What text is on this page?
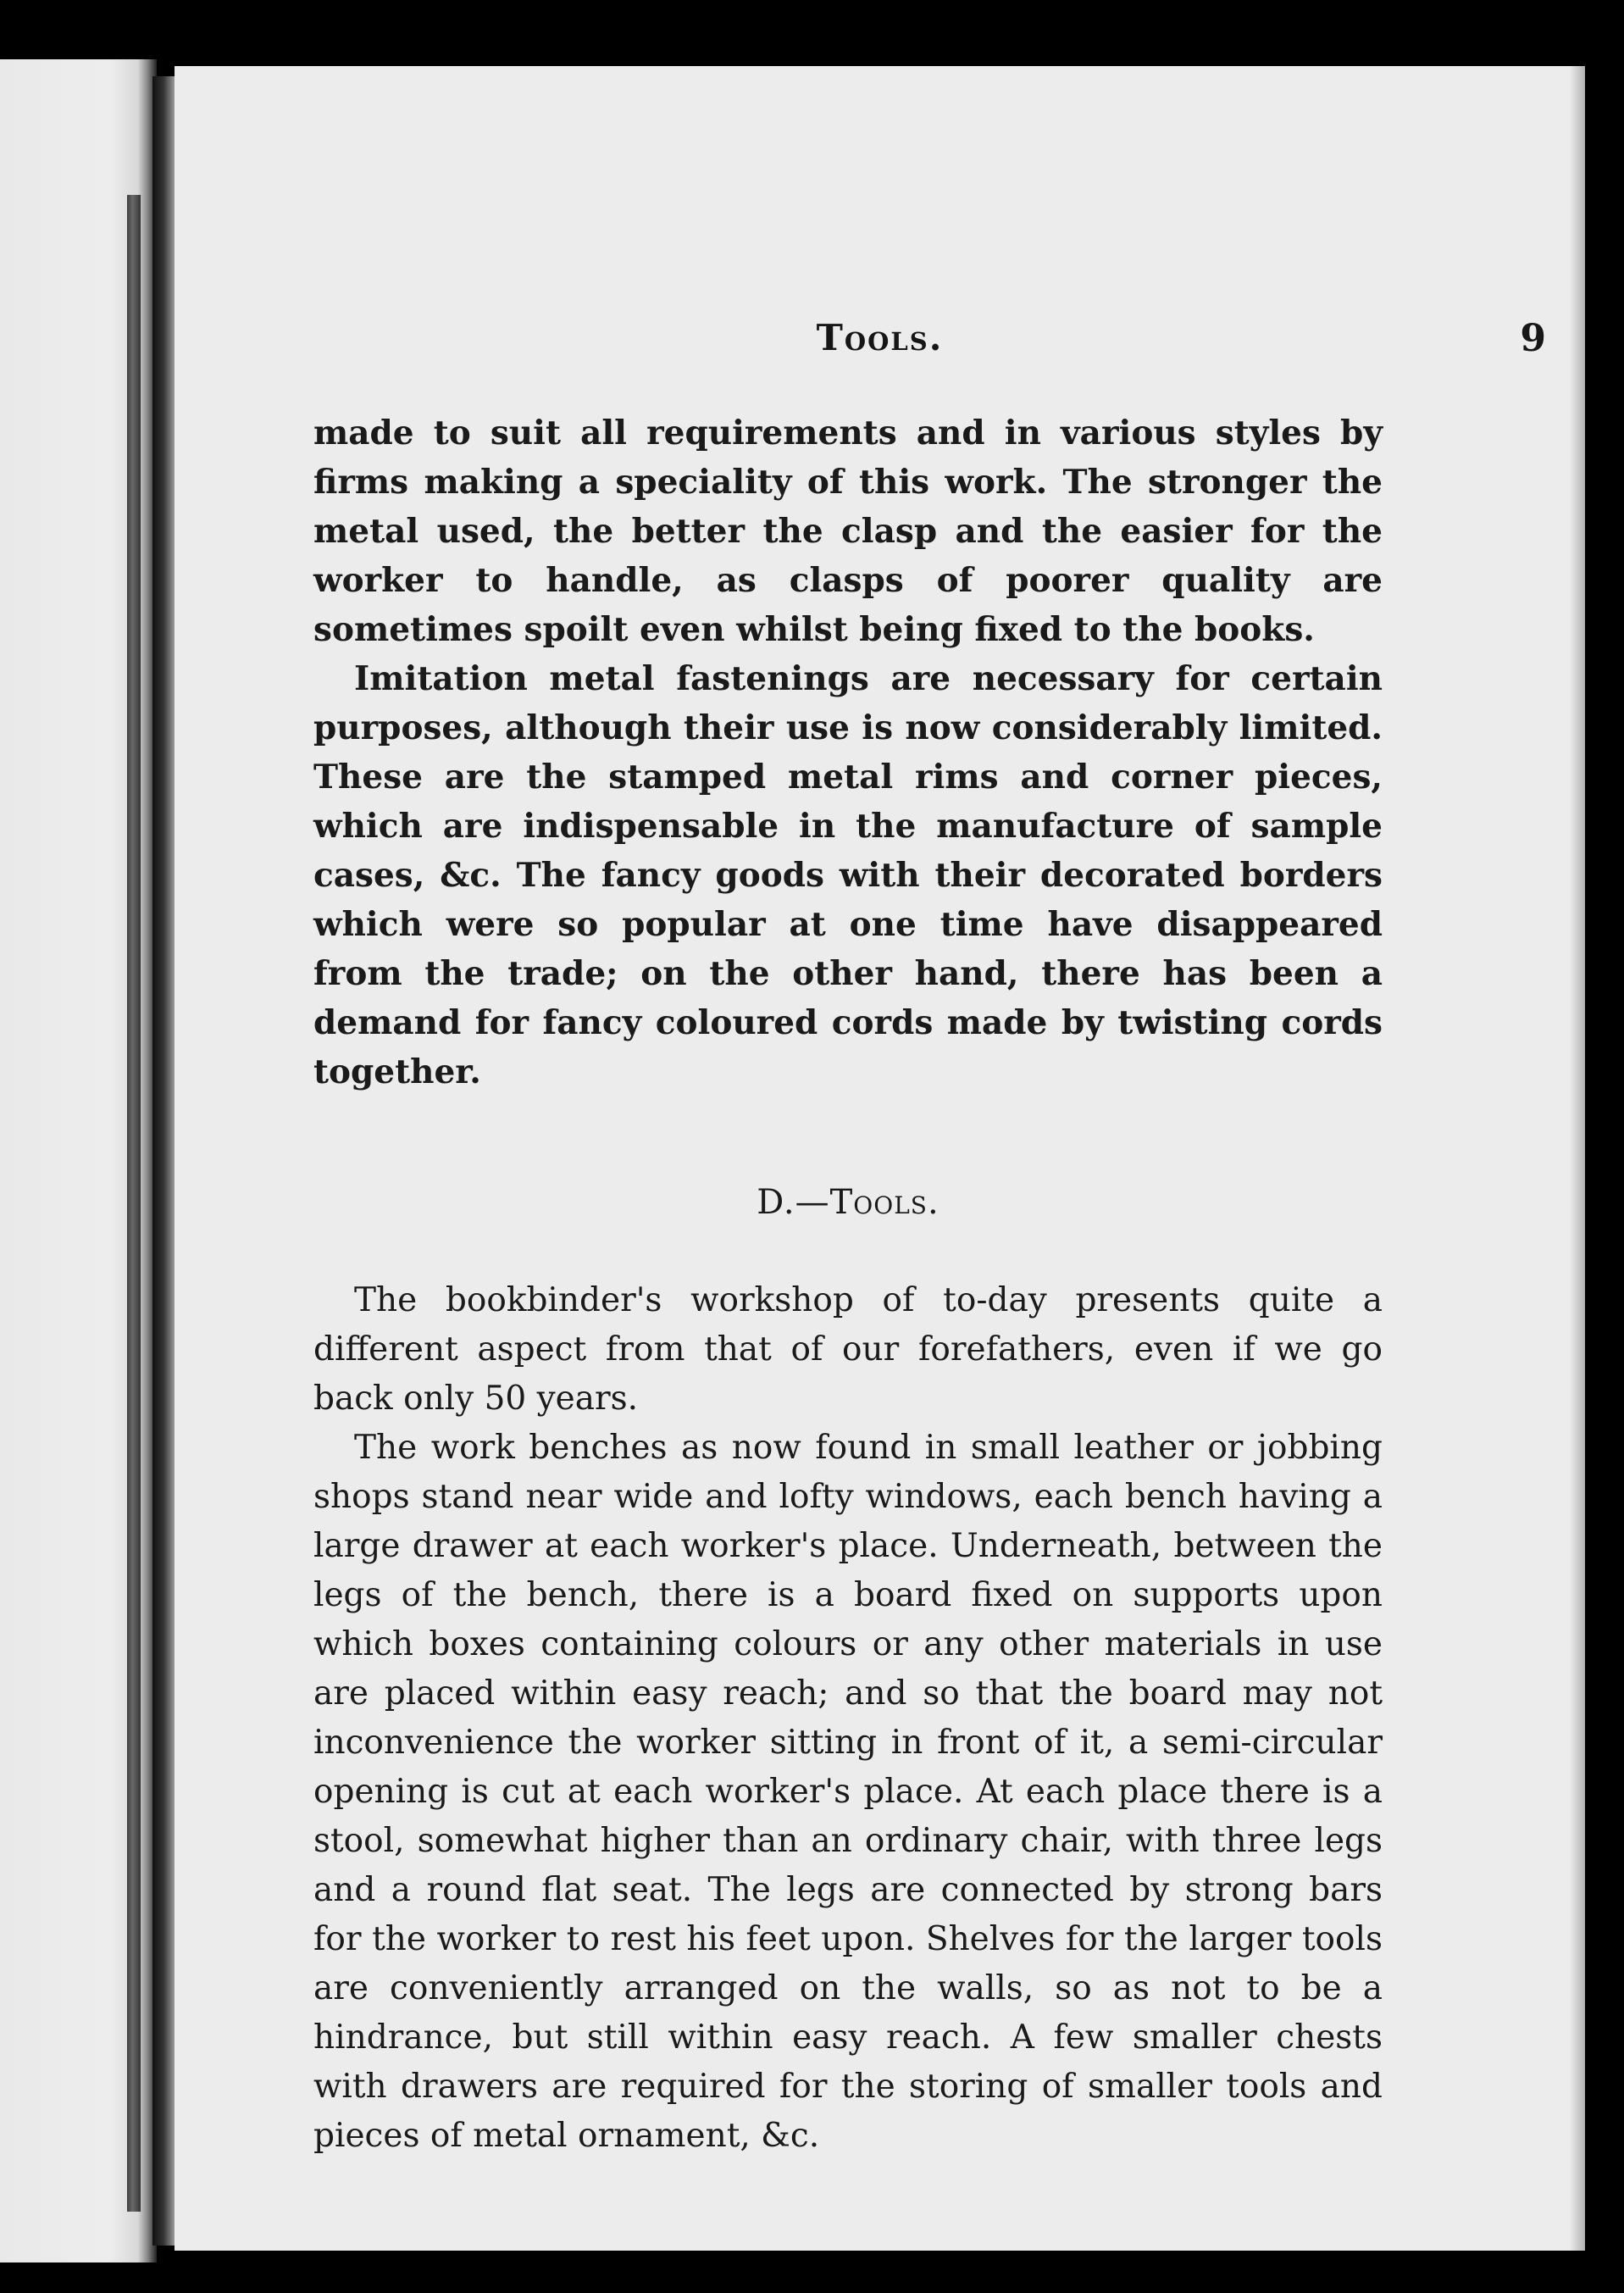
Tools.	9

made to suit all requirements and in various styles by firms making a speciality of this work. The stronger the metal used, the better the clasp and the easier for the worker to handle, as clasps of poorer quality are sometimes spoilt even whilst being fixed to the books.

Imitation metal fastenings are necessary for certain purposes, although their use is now considerably limited. These are the stamped metal rims and corner pieces, which are indispensable in the manufacture of sample cases, &c. The fancy goods with their decorated borders which were so popular at one time have disappeared from the trade; on the other hand, there has been a demand for fancy coloured cords made by twisting cords together.

D.—Tools.

The bookbinder's workshop of to-day presents quite a different aspect from that of our forefathers, even if we go back only 50 years.

The work benches as now found in small leather or jobbing shops stand near wide and lofty windows, each bench having a large drawer at each worker's place. Underneath, between the legs of the bench, there is a board fixed on supports upon which boxes containing colours or any other materials in use are placed within easy reach; and so that the board may not inconvenience the worker sitting in front of it, a semi-circular opening is cut at each worker's place. At each place there is a stool, somewhat higher than an ordinary chair, with three legs and a round flat seat. The legs are connected by strong bars for the worker to rest his feet upon. Shelves for the larger tools are conveniently arranged on the walls, so as not to be a hindrance, but still within easy reach. A few smaller chests with drawers are required for the storing of smaller tools and pieces of metal ornament, &c.
